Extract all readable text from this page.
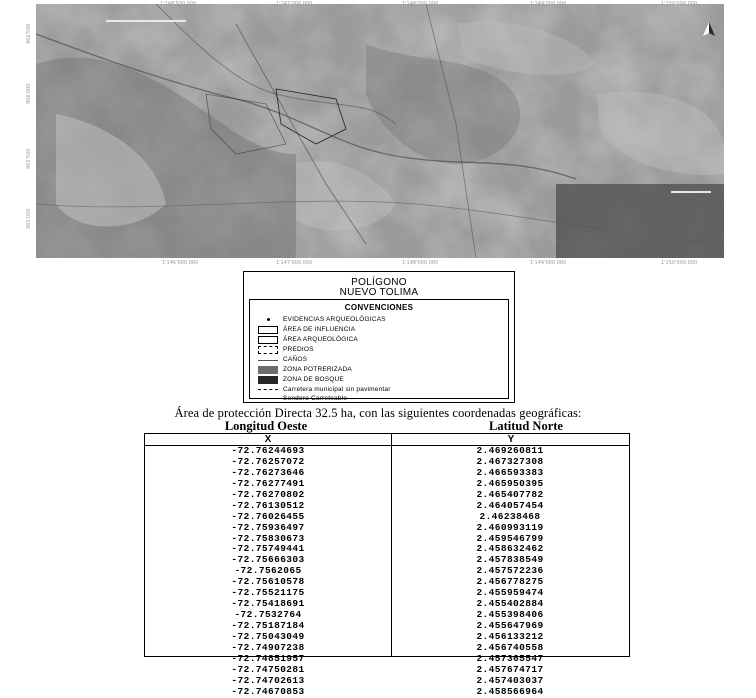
1'148'500.000	1'147'000.000	1'148'000.000	1'149'000.000	1'150'000.000
1'146'000.000	1'147'000.000	1'148'000.000	1'149'000.000	1'150'000.000
966'500
966'000
965'500
965'000
POLÍGONO
NUEVO TOLIMA
CONVENCIONES
EVIDENCIAS ARQUEOLÓGICAS
ÁREA DE INFLUENCIA
ÁREA ARQUEOLÓGICA
PREDIOS
CAÑOS
ZONA POTRERIZADA
ZONA DE BOSQUE
Carretera municipal sin pavimentar
Sendero Carreteable
Área de protección Directa 32.5 ha, con las siguientes coordenadas geográficas:
Longitud Oeste	Latitud Norte
X	Y
-72.76244693	2.469260811
-72.76257072	2.467327308
-72.76273646	2.466593383
-72.76277491	2.465950395
-72.76270802	2.465407782
-72.76130512	2.464057454
-72.76026455	2.46238468
-72.75936497	2.460993119
-72.75830673	2.459546799
-72.75749441	2.458632462
-72.75666303	2.457838549
-72.7562065	2.457572236
-72.75610578	2.456778275
-72.75521175	2.455959474
-72.75418691	2.455402884
-72.7532764	2.455398406
-72.75187184	2.455647969
-72.75043049	2.456133212
-72.74907238	2.456740558
-72.74851957	2.457365547
-72.74750281	2.457674717
-72.74702613	2.457403037
-72.74670853	2.458566964
